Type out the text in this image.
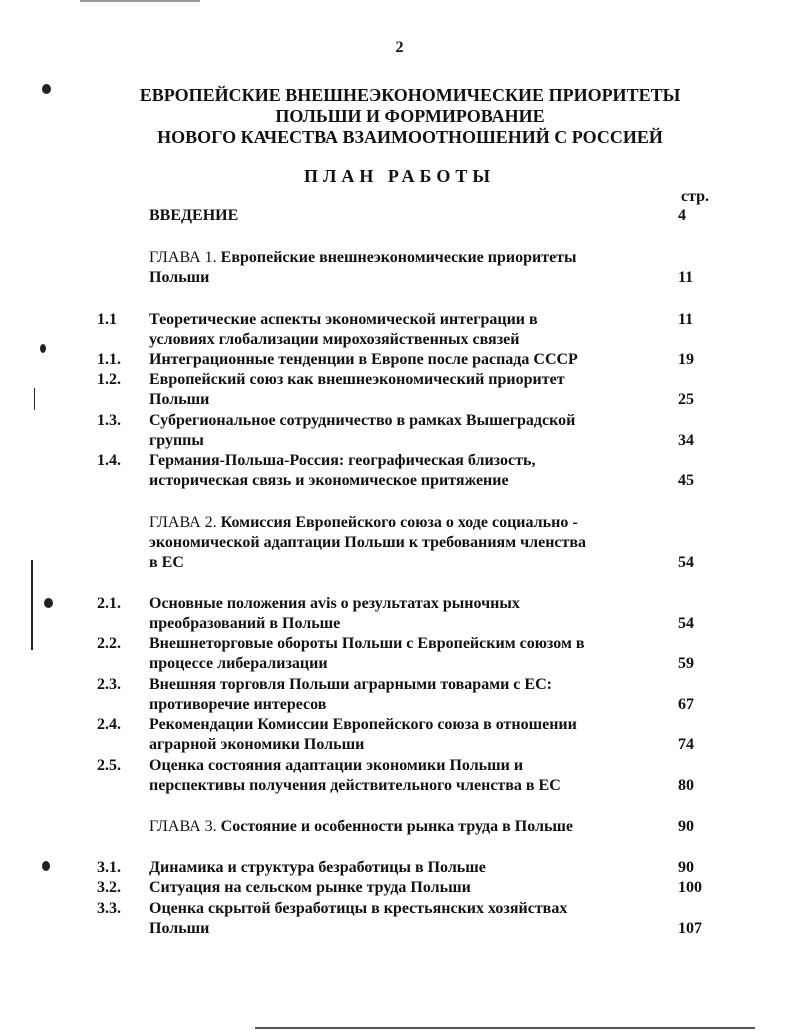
2
ЕВРОПЕЙСКИЕ ВНЕШНЕЭКОНОМИЧЕСКИЕ ПРИОРИТЕТЫ
ПОЛЬШИ И ФОРМИРОВАНИЕ
НОВОГО КАЧЕСТВА ВЗАИМООТНОШЕНИЙ С РОССИЕЙ
ПЛАН РАБОТЫ
стр.
ВВЕДЕНИЕ	4
ГЛАВА 1. Европейские внешнеэкономические приоритеты
Польши	11
1.1 Теоретические аспекты экономической интеграции в	11
условиях глобализации мирохозяйственных связей
1.1. Интеграционные тенденции в Европе после распада СССР	19
1.2. Европейский союз как внешнеэкономический приоритет
Польши	25
1.3. Субрегиональное сотрудничество в рамках Вышеградской
группы	34
1.4. Германия-Польша-Россия: географическая близость,
историческая связь и экономическое притяжение	45
ГЛАВА 2. Комиссия Европейского союза о ходе социально -
экономической адаптации Польши к требованиям членства
в ЕС	54
2.1. Основные положения avis о результатах рыночных
преобразований в Польше	54
2.2. Внешнеторговые обороты Польши с Европейским союзом в
процессе либерализации	59
2.3. Внешняя торговля Польши аграрными товарами с ЕС:
противоречие интересов	67
2.4. Рекомендации Комиссии Европейского союза в отношении
аграрной экономики Польши	74
2.5. Оценка состояния адаптации экономики Польши и
перспективы получения действительного членства в ЕС	80
ГЛАВА 3. Состояние и особенности рынка труда в Польше	90
3.1. Динамика и структура безработицы в Польше	90
3.2. Ситуация на сельском рынке труда Польши	100
3.3. Оценка скрытой безработицы в крестьянских хозяйствах
Польши	107
